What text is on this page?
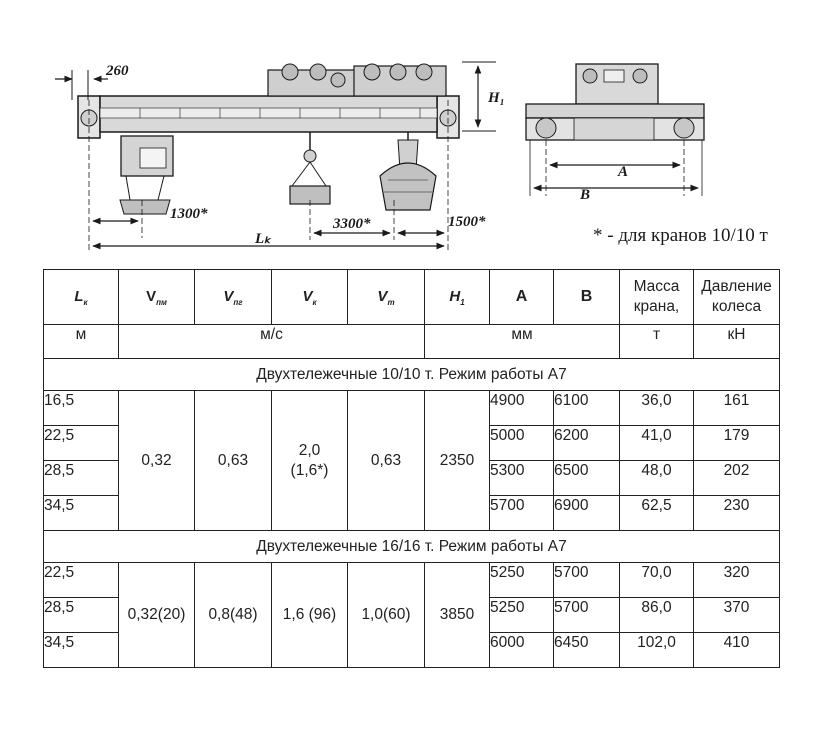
260
H₁
1300*
3300*	1500*
Lₖ
A
B
* - для кранов 10/10 т
$L_к$	$V_{пм}$	$V_{пг}$	$V_к$	$V_т$	$H_1$	A	B	Масса
крана,	Давление
колеса

м	м/с				мм			т	кН
Двухтележечные 10/10 т. Режим работы А7									
16,5	0,32	0,63	2,0
(1,6*)	0,63	2350	4900	6100	36,0	161
22,5						5000	6200	41,0	179
28,5						5300	6500	48,0	202
34,5						5700	6900	62,5	230
Двухтележечные 16/16 т. Режим работы А7									
22,5	0,32(20)	0,8(48)	1,6 (96)	1,0(60)	3850	5250	5700	70,0	320
28,5						5250	5700	86,0	370
34,5						6000	6450	102,0	410
